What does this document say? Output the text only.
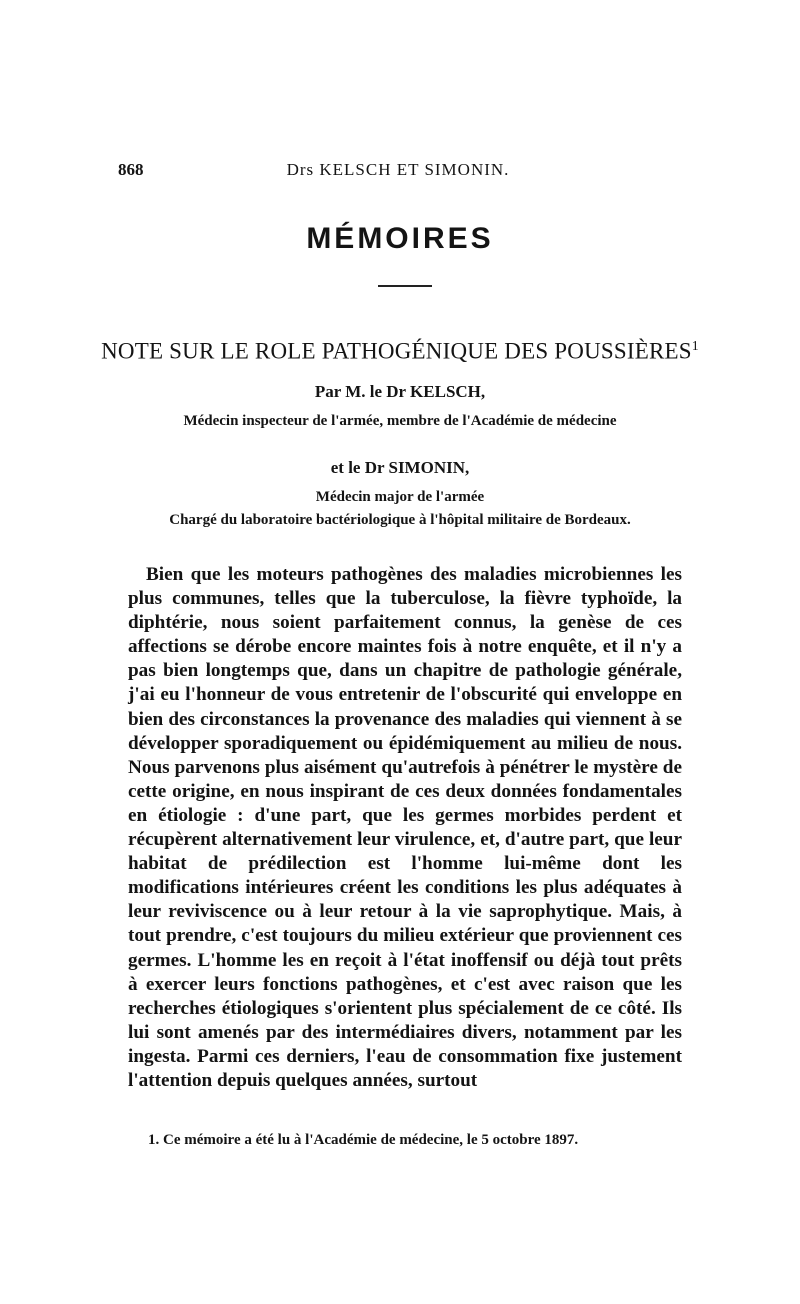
868	Drs KELSCH ET SIMONIN.
MÉMOIRES
NOTE SUR LE ROLE PATHOGÉNIQUE DES POUSSIÈRES$^1$
Par M. le Dr KELSCH,
Médecin inspecteur de l'armée, membre de l'Académie de médecine
et le Dr SIMONIN,
Médecin major de l'armée
Chargé du laboratoire bactériologique à l'hôpital militaire de Bordeaux.

Bien que les moteurs pathogènes des maladies microbiennes les plus communes, telles que la tuberculose, la fièvre typhoïde, la diphtérie, nous soient parfaitement connus, la genèse de ces affections se dérobe encore maintes fois à notre enquête, et il n'y a pas bien longtemps que, dans un chapitre de pathologie générale, j'ai eu l'honneur de vous entretenir de l'obscurité qui enveloppe en bien des circonstances la provenance des maladies qui viennent à se développer sporadiquement ou épidémiquement au milieu de nous. Nous parvenons plus aisément qu'autrefois à pénétrer le mystère de cette origine, en nous inspirant de ces deux données fondamentales en étiologie : d'une part, que les germes morbides perdent et récupèrent alternativement leur virulence, et, d'autre part, que leur habitat de prédilection est l'homme lui-même dont les modifications intérieures créent les conditions les plus adéquates à leur reviviscence ou à leur retour à la vie saprophytique. Mais, à tout prendre, c'est toujours du milieu extérieur que proviennent ces germes. L'homme les en reçoit à l'état inoffensif ou déjà tout prêts à exercer leurs fonctions pathogènes, et c'est avec raison que les recherches étiologiques s'orientent plus spécialement de ce côté. Ils lui sont amenés par des intermédiaires divers, notamment par les ingesta. Parmi ces derniers, l'eau de consommation fixe justement l'attention depuis quelques années, surtout

1. Ce mémoire a été lu à l'Académie de médecine, le 5 octobre 1897.
